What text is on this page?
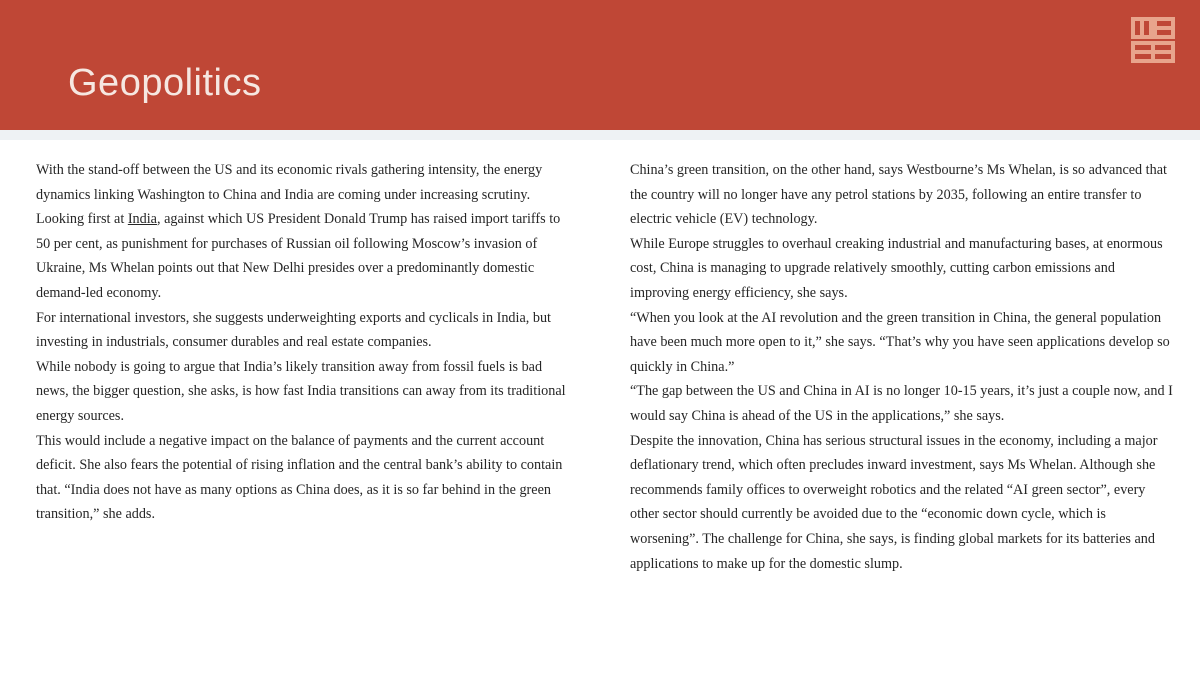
Geopolitics

With the stand-off between the US and its economic rivals gathering intensity, the energy dynamics linking Washington to China and India are coming under increasing scrutiny.

Looking first at India, against which US President Donald Trump has raised import tariffs to 50 per cent, as punishment for purchases of Russian oil following Moscow’s invasion of Ukraine, Ms Whelan points out that New Delhi presides over a predominantly domestic demand-led economy.

For international investors, she suggests underweighting exports and cyclicals in India, but investing in industrials, consumer durables and real estate companies.

While nobody is going to argue that India’s likely transition away from fossil fuels is bad news, the bigger question, she asks, is how fast India transitions can away from its traditional energy sources.

This would include a negative impact on the balance of payments and the current account deficit. She also fears the potential of rising inflation and the central bank’s ability to contain that. “India does not have as many options as China does, as it is so far behind in the green transition,” she adds.

China’s green transition, on the other hand, says Westbourne’s Ms Whelan, is so advanced that the country will no longer have any petrol stations by 2035, following an entire transfer to electric vehicle (EV) technology.

While Europe struggles to overhaul creaking industrial and manufacturing bases, at enormous cost, China is managing to upgrade relatively smoothly, cutting carbon emissions and improving energy efficiency, she says.

“When you look at the AI revolution and the green transition in China, the general population have been much more open to it,” she says. “That’s why you have seen applications develop so quickly in China.”

“The gap between the US and China in AI is no longer 10-15 years, it’s just a couple now, and I would say China is ahead of the US in the applications,” she says.

Despite the innovation, China has serious structural issues in the economy, including a major deflationary trend, which often precludes inward investment, says Ms Whelan. Although she recommends family offices to overweight robotics and the related “AI green sector”, every other sector should currently be avoided due to the “economic down cycle, which is worsening”. The challenge for China, she says, is finding global markets for its batteries and applications to make up for the domestic slump.
